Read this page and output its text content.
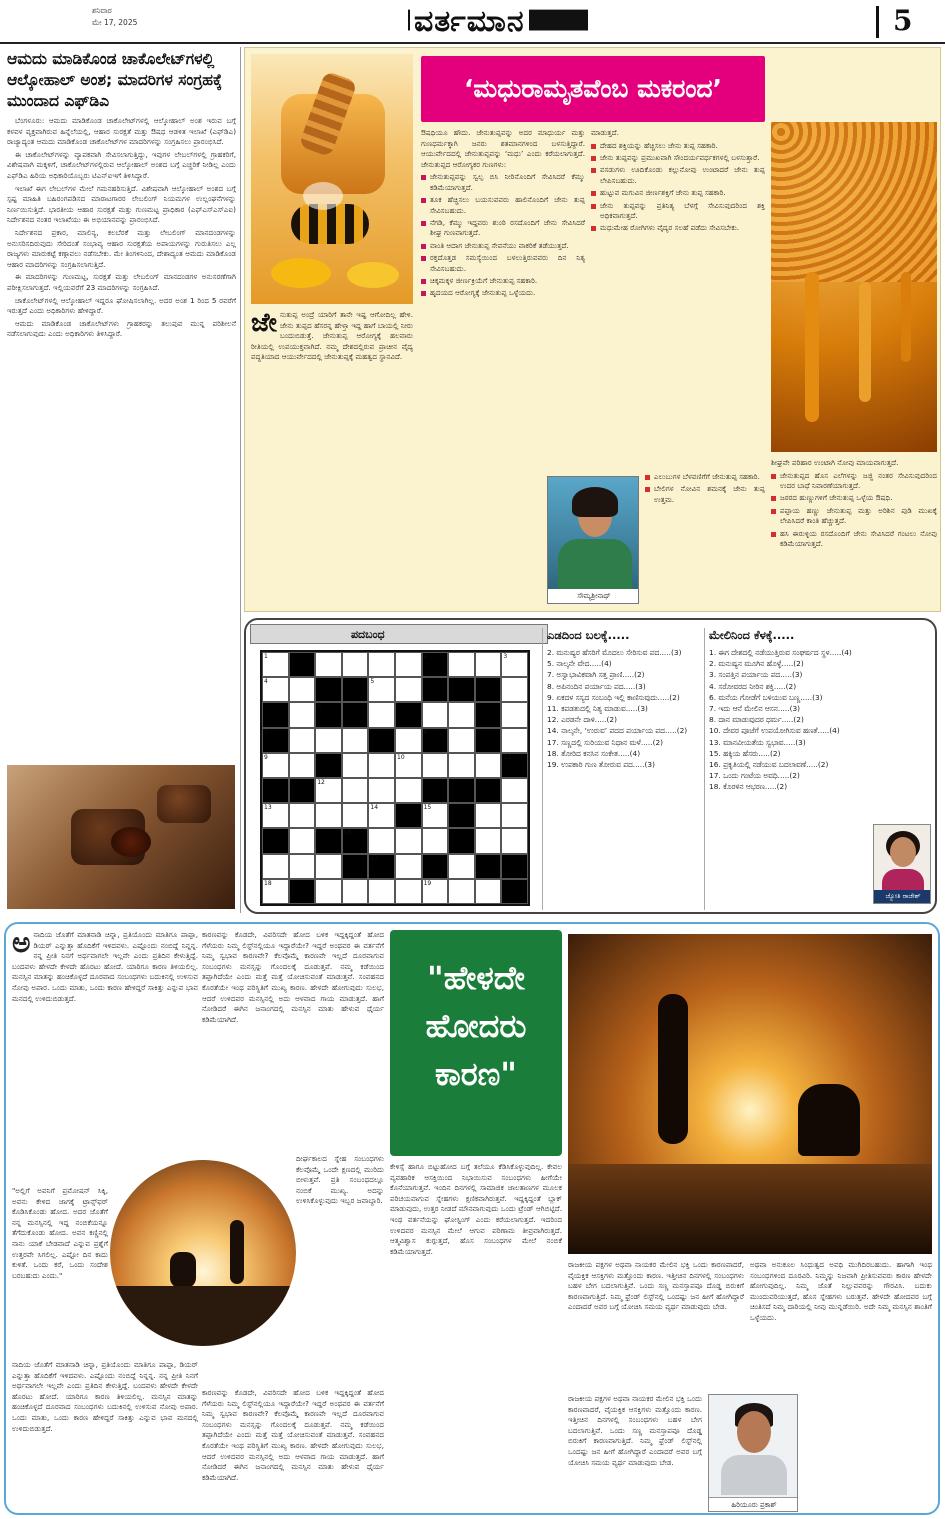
ಶನಿವಾರ
ಮೇ 17, 2025	ವರ್ತಮಾನ	5
ಆಮದು ಮಾಡಿಕೊಂಡ ಚಾಕೊಲೇಟ್‌ಗಳಲ್ಲಿ ಆಲ್ಕೋಹಾಲ್ ಅಂಶ; ಮಾದರಿಗಳ ಸಂಗ್ರಹಕ್ಕೆ ಮುಂದಾದ ಎಫ್‌ಡಿಎ

ಬೆಂಗಳೂರು: ಆಮದು ಮಾಡಿಕೊಂಡ ಚಾಕೊಲೇಟ್‌ಗಳಲ್ಲಿ ಆಲ್ಕೋಹಾಲ್ ಅಂಶ ಇರುವ ಬಗ್ಗೆ ಕಳವಳ ವ್ಯಕ್ತವಾಗಿರುವ ಹಿನ್ನೆಲೆಯಲ್ಲಿ, ಆಹಾರ ಸುರಕ್ಷತೆ ಮತ್ತು ಔಷಧ ಆಡಳಿತ ಇಲಾಖೆ (ಎಫ್‌ಡಿಎ) ರಾಜ್ಯಾದ್ಯಂತ ಆಮದು ಮಾಡಿಕೊಂಡ ಚಾಕೊಲೇಟ್‌ಗಳ ಮಾದರಿಗಳನ್ನು ಸಂಗ್ರಹಿಸಲು ಪ್ರಾರಂಭಿಸಿದೆ.

ಈ ಚಾಕೊಲೇಟ್‌ಗಳನ್ನು ವ್ಯಾಪಕವಾಗಿ ಸೇವಿಸಲಾಗುತ್ತಿದ್ದು, ಇವುಗಳ ಲೇಬಲ್‌ಗಳಲ್ಲಿ ಗ್ರಾಹಕರಿಗೆ, ವಿಶೇಷವಾಗಿ ಮಕ್ಕಳಿಗೆ, ಚಾಕೊಲೇಟ್‌ಗಳಲ್ಲಿರುವ ಆಲ್ಕೋಹಾಲ್ ಅಂಶದ ಬಗ್ಗೆ ಎಚ್ಚರಿಕೆ ನೀಡಿಲ್ಲ ಎಂದು ಎಫ್‌ಡಿಎ ಹಿರಿಯ ಅಧಿಕಾರಿಯೊಬ್ಬರು ಟಿಎನ್‌ಐಇಗೆ ತಿಳಿಸಿದ್ದಾರೆ.

ಇಲಾಖೆ ಈಗ ಲೇಬಲ್‌ಗಳ ಮೇಲೆ ಗಮನಹರಿಸುತ್ತಿದೆ. ವಿಶೇಷವಾಗಿ ಆಲ್ಕೋಹಾಲ್ ಅಂಶದ ಬಗ್ಗೆ ಸ್ಪಷ್ಟ ಮಾಹಿತಿ ಬಹಿರಂಗಪಡಿಸದ ಮಾರಾಟಗಾರರ ಲೇಬಲಿಂಗ್ ನಿಯಮಗಳ ಉಲ್ಲಂಘನೆಗಳನ್ನು ನಿರ್ಣಯಿಸುತ್ತಿದೆ. ಭಾರತೀಯ ಆಹಾರ ಸುರಕ್ಷತೆ ಮತ್ತು ಗುಣಮಟ್ಟ ಪ್ರಾಧಿಕಾರ (ಎಫ್‌ಎಸ್‌ಎಸ್‌ಎಐ) ನಿರ್ದೇಶನದ ನಂತರ ಇಲಾಖೆಯು ಈ ಅಭಿಯಾನವನ್ನು ಪ್ರಾರಂಭಿಸಿದೆ.

ನಿರ್ದೇಶನದ ಪ್ರಕಾರ, ಮಾಲಿನ್ಯ, ಕಲಬೆರಕೆ ಮತ್ತು ಲೇಬಲಿಂಗ್ ಮಾನದಂಡಗಳನ್ನು ಅನುಸರಿಸದಿರುವುದು ಸೇರಿದಂತೆ ಸಂಭಾವ್ಯ ಆಹಾರ ಸುರಕ್ಷತೆಯ ಅಪಾಯಗಳನ್ನು ಗುರುತಿಸಲು ಎಲ್ಲ ರಾಜ್ಯಗಳು ಮಾರುಕಟ್ಟೆ ಕಣ್ಗಾವಲು ನಡೆಸಬೇಕು. ಮೇ ತಿಂಗಳಿನಿಂದ, ದೇಶಾದ್ಯಂತ ಆಮದು ಮಾಡಿಕೊಂಡ ಆಹಾರ ಮಾದರಿಗಳನ್ನು ಸಂಗ್ರಹಿಸಲಾಗುತ್ತಿದೆ.

ಈ ಮಾದರಿಗಳನ್ನು ಗುಣಮಟ್ಟ, ಸುರಕ್ಷತೆ ಮತ್ತು ಲೇಬಲಿಂಗ್ ಮಾನದಂಡಗಳ ಅನುಸರಣೆಗಾಗಿ ಪರೀಕ್ಷಿಸಲಾಗುತ್ತದೆ. ಇಲ್ಲಿಯವರೆಗೆ 23 ಮಾದರಿಗಳನ್ನು ಸಂಗ್ರಹಿಸಿದೆ.

ಚಾಕೊಲೇಟ್‌ಗಳಲ್ಲಿ ಆಲ್ಕೋಹಾಲ್ ಇದ್ದರೂ ಘೋಷಿಸಲಾಗಿಲ್ಲ. ಅದರ ಅಂಶ 1 ರಿಂದ 5 ರವರೆಗೆ ಇರುತ್ತದೆ ಎಂದು ಅಧಿಕಾರಿಗಳು ಹೇಳಿದ್ದಾರೆ.

ಆಮದು ಮಾಡಿಕೊಂಡ ಚಾಕೊಲೇಟ್‌ಗಳು ಗ್ರಾಹಕರನ್ನು ತಲುಪುವ ಮುನ್ನ ಪರಿಶೀಲನೆ ನಡೆಸಲಾಗುವುದು ಎಂದು ಅಧಿಕಾರಿಗಳು ತಿಳಿಸಿದ್ದಾರೆ.

‘ಮಧುರಾಮೃತವೆಂಬ ಮಕರಂದ’
ಜೇ ನುತುಪ್ಪ ಅಂದ್ರೆ ಯಾರಿಗೆ ತಾನೇ ಇಷ್ಟ ಆಗೋದಿಲ್ಲ ಹೇಳಿ. ಜೇನು ತುಪ್ಪದ ಹೆಸರನ್ನ ಹೇಳ್ತಾ ಇದ್ದ ಹಾಗೆ ಬಾಯಲ್ಲಿ ನೀರು ಬಂದುಬಿಡುತ್ತೆ. ಜೇನುತುಪ್ಪ ಆರೋಗ್ಯಕ್ಕೆ ಹಲವಾರು ರೀತಿಯಲ್ಲಿ ಉಪಯುಕ್ತವಾಗಿದೆ. ನಮ್ಮ ದೇಶದಲ್ಲಿರುವ ಪ್ರಾಚೀನ ವೈದ್ಯ ಪದ್ಧತಿಯಾದ ಆಯುರ್ವೇದದಲ್ಲಿ ಜೇನುತುಪ್ಪಕ್ಕೆ ಮಹತ್ವದ ಸ್ಥಾನವಿದೆ.

ಔಷಧಿಯೂ ಹೌದು. ಜೇನುತುಪ್ಪವನ್ನು ಅದರ ಮಾಧುರ್ಯ ಮತ್ತು ಗುಣಧರ್ಮಕ್ಕಾಗಿ ಜನರು ಶತಮಾನಗಳಿಂದ ಬಳಸುತ್ತಿದ್ದಾರೆ. ಆಯುರ್ವೇದದಲ್ಲಿ ಜೇನುತುಪ್ಪವನ್ನು ‘ಮಧು’ ಎಂದು ಕರೆಯಲಾಗುತ್ತದೆ. ಜೇನುತುಪ್ಪದ ಆರೋಗ್ಯಕರ ಗುಣಗಳು:

ಜೇನುತುಪ್ಪವನ್ನು ಸ್ವಲ್ಪ ಬಿಸಿ ನೀರಿನೊಂದಿಗೆ ಸೇವಿಸಿದರೆ ಕೆಮ್ಮು ಕಡಿಮೆಯಾಗುತ್ತದೆ.
ತೂಕ ಹೆಚ್ಚಿಸಲು ಬಯಸುವವರು ಹಾಲಿನೊಂದಿಗೆ ಜೇನು ತುಪ್ಪ ಸೇವಿಸಬಹುದು.
ನೆಗಡಿ, ಕೆಮ್ಮು ಇದ್ದವರು ಶುಂಠಿ ರಸದೊಂದಿಗೆ ಜೇನು ಸೇವಿಸಿದರೆ ಶೀಘ್ರ ಗುಣವಾಗುತ್ತದೆ.
ವಾಂತಿ ಆದಾಗ ಜೇನುತುಪ್ಪ ಸೇವನೆಯು ವಾಕರಿಕೆ ತಡೆಯುತ್ತದೆ.
ರಕ್ತದೊತ್ತಡ ಸಮಸ್ಯೆಯಿಂದ ಬಳಲುತ್ತಿರುವವರು ದಿನ ನಿತ್ಯ ಸೇವಿಸಬಹುದು.
ಚಿಕ್ಕಮಕ್ಕಳ ಜೀರ್ಣಕ್ರಿಯೆಗೆ ಜೇನುತುಪ್ಪ ಸಹಕಾರಿ.
ಹೃದಯದ ಆರೋಗ್ಯಕ್ಕೆ ಜೇನುತುಪ್ಪ ಒಳ್ಳೆಯದು.

ಮಾಡುತ್ತದೆ.

ದೇಹದ ಶಕ್ತಿಯನ್ನು ಹೆಚ್ಚಿಸಲು ಜೇನು ತುಪ್ಪ ಸಹಕಾರಿ.
ಜೇನು ತುಪ್ಪವನ್ನು ಪ್ರಮುಖವಾಗಿ ಸೌಂದರ್ಯವರ್ಧಕಗಳಲ್ಲಿ ಬಳಸುತ್ತಾರೆ.
ವಸಡುಗಳು ಊದಿಕೊಂಡು ಕಲ್ಲುನೋವು ಉಂಟಾದರೆ ಜೇನು ತುಪ್ಪ ಲೇಪಿಸಬಹುದು.
ಹುಟ್ಟುವ ಮಗುವಿನ ಜೀರ್ಣಶಕ್ತಿಗೆ ಜೇನು ತುಪ್ಪ ಸಹಕಾರಿ.
ಜೇನು ತುಪ್ಪವನ್ನು ಪ್ರತಿನಿತ್ಯ ಬೆಳಗ್ಗೆ ಸೇವಿಸುವುದರಿಂದ ಶಕ್ತಿ ಅಧಿಕವಾಗುತ್ತದೆ.
ಮಧುಮೇಹ ರೋಗಿಗಳು ವೈದ್ಯರ ಸಲಹೆ ಪಡೆದು ಸೇವಿಸಬೇಕು.
ಎಲುಬುಗಳ ಬೆಳವಣಿಗೆಗೆ ಜೇನುತುಪ್ಪ ಸಹಕಾರಿ.
ಬೇಲಿಗಳ ನೋವಿನ ಶಮನಕ್ಕೆ ಜೇನು ತುಪ್ಪ ಉತ್ತಮ.
ಸೌಮ್ಯಶ್ರೀನಾಥ್

ಶೀಘ್ರವೇ ಪರಿಹಾರ ಉಂಟಾಗಿ ನೋವು ಮಾಯವಾಗುತ್ತದೆ.

ಜೇನುತುಪ್ಪದ ಹೊಸ ಎಲೆಗಳನ್ನು ಜಜ್ಜಿ ನಂತರ ಸೇವಿಸುವುದರಿಂದ ಉದರ ಬಾಧೆ ನಿವಾರಣೆಯಾಗುತ್ತದೆ.
ಜಠರದ ಹುಣ್ಣುಗಳಿಗೆ ಜೇನುತುಪ್ಪ ಒಳ್ಳೆಯ ಔಷಧಿ.
ಪಪ್ಪಾಯ ಹಣ್ಣು ಜೇನುತುಪ್ಪ ಮತ್ತು ಅರಿಶಿನ ಪುಡಿ ಮುಖಕ್ಕೆ ಲೇಪಿಸಿದರೆ ಕಾಂತಿ ಹೆಚ್ಚುತ್ತದೆ.
ಹಸಿ ಈರುಳ್ಳಿಯ ರಸದೊಂದಿಗೆ ಜೇನು ಸೇವಿಸಿದರೆ ಗಂಟಲು ನೋವು ಕಡಿಮೆಯಾಗುತ್ತದೆ.
ಪದಬಂಧ
1	2	3
4	5
6
7	8
9	10	11
12
13	14	15
16
17
18	19
ಎಡದಿಂದ ಬಲಕ್ಕೆ.....
2. ಮನುಷ್ಯರ ಹೆಸರಿಗೆ ಮೊದಲು ಸೇರಿಸುವ ಪದ.....(3)
5. ನಾಲ್ಕನೇ ವೇದ.....(4)
7. ಅಸ್ವಾಭಾವಿಕವಾಗಿ ಸತ್ತ ಪ್ರಾಣಿ.....(2)
8. ಅಪಿನಂದಿನ ಪರ್ಯಾಯ ಪದ.....(3)
9. ಏಕದಳ ಸಸ್ಯದ ಸಂಬಂಧಿ ಇಲ್ಲಿ ಕಾಣಿಸುವುದು.....(2)
11. ಕಪಡತುದಲ್ಲಿ ನಿತ್ಯ ಮಾಡುವ.....(3)
12. ಎರಡನೇ ದಾಳಿ.....(2)
14. ನಾಲ್ಕನೇ, ‘ಉರುವ’ ಪದದ ಪರ್ಯಾಯ ಪದ.....(2)
17. ಸಣ್ಣದಲ್ಲಿ ಸುರಿಯುವ ನಿಧಾನ ಮಳೆ.....(2)
18. ತೋರಿದ ಕನಸಿನ ಸಂಕೇತ.....(4)
19. ಉಪಕಾರಿ ಗುಣ ತೋರುವ ಪದ.....(3)
ಮೇಲಿನಿಂದ ಕೆಳಕ್ಕೆ.....
1. ಈಗ ದೇಶದಲ್ಲಿ ನಡೆಯುತ್ತಿರುವ ಸಂಘರ್ಷದ ಸ್ಥಳ.....(4)
2. ಮನುಷ್ಯನ ಮೂಗಿನ ಹೊಳ್ಳೆ.....(2)
3. ಸಂಪತ್ತಿನ ಪರ್ಯಾಯ ಪದ.....(3)
4. ಸರೋವರದ ನೀರಿನ ಶಕ್ತಿ.....(2)
6. ಮನೆಯ ಗೋಡೆಗೆ ಬಳಿಯುವ ಬಣ್ಣ.....(3)
7. ಇದು ಆನೆ ಮೇಲಿನ ಆಸನ.....(3)
8. ದಾನ ಮಾಡುವುದರ ಧರ್ಮ.....(2)
10. ದೇವರ ಪೂಜೆಗೆ ಉಪಯೋಗಿಸುವ ಹಣತೆ.....(4)
13. ಮಾನವೀಯತೆಯ ಸ್ವಭಾವ.....(3)
15. ಹಕ್ಕಿಯ ಹೆಸರು.....(2)
16. ಪ್ರಕೃತಿಯಲ್ಲಿ ನಡೆಯುವ ಬದಲಾವಣೆ.....(2)
17. ಒಂದು ಗಂಟೆಯ ಅವಧಿ.....(2)
18. ಕೊರಳಿನ ಆಭರಣ.....(2)
ಜ್ಯೋತಿ ರಾಜೇಶ್
ಅ ನಾದಿಯ ಜೊತೆಗೆ ಮಾತನಾಡಿ ಚಿನ್ನಾ, ಪ್ರತಿಯೊಂದು ಮಾತಿಗೂ ಪಾಪ್ಪಾ, ಡಿಯರ್ ಎನ್ನುತ್ತಾ ಹೊದಿಕೆಗೆ ಇಳಿದವಳು. ಎಷ್ಟೊಂದು ನಂಬಿದ್ದೆ ನಿನ್ನನ್ನ. ನನ್ನ ಪ್ರೀತಿ ನಿನಗೆ ಅರ್ಥವಾಗಲೇ ಇಲ್ಲವೇ ಎಂದು ಪ್ರತಿದಿನ ಕೇಳುತ್ತಿದ್ದೆ. ಬಂದವಳು ಹೇಳದೇ ಕೇಳದೇ ಹೊರಟು ಹೋದೆ. ಯಾರಿಗೂ ಕಾರಣ ತಿಳಿಯಲಿಲ್ಲ. ಮನಸ್ಸಿನ ಮಾತನ್ನು ಹಂಚಿಕೊಳ್ಳದೆ ದೂರವಾದ ಸಂಬಂಧಗಳು ಬದುಕಿನಲ್ಲಿ ಉಳಿಸುವ ನೋವು ಅಪಾರ. ಒಂದು ಮಾತು, ಒಂದು ಕಾರಣ ಹೇಳಿದ್ದರೆ ಸಾಕಿತ್ತು ಎನ್ನುವ ಭಾವ ಮನದಲ್ಲಿ ಉಳಿದುಬಿಡುತ್ತದೆ.

"ಅಲ್ಲಿಗೆ ಅವನಿಗೆ ಪ್ರಮೋಷನ್ ಸಿಕ್ಕಿ, ಅವನು ಕೇಳಿದ ಜಾಗಕ್ಕೆ ಟ್ರಾನ್ಸ್‌ಫರ್ ಕೊಡಿಸಿಕೊಂಡು ಹೋದ. ಅದರ ಜೊತೆಗೆ ನನ್ನ ಮನಸ್ಸಿನಲ್ಲಿ ಇದ್ದ ನಂಬಿಕೆಯನ್ನೂ ತೆಗೆದುಕೊಂಡು ಹೋದ. ಅವನ ಕಣ್ಣಿನಲ್ಲಿ ನಾನು ಯಾಕೆ ಬೇಡವಾದೆ ಎನ್ನುವ ಪ್ರಶ್ನೆಗೆ ಉತ್ತರವೇ ಸಿಗಲಿಲ್ಲ. ಎಷ್ಟೋ ದಿನ ಕಾದು ಕುಳಿತೆ. ಒಂದು ಕರೆ, ಒಂದು ಸಂದೇಶ ಬರಬಹುದು ಎಂದು."

ನಾದಿಯ ಜೊತೆಗೆ ಮಾತನಾಡಿ ಚಿನ್ನಾ, ಪ್ರತಿಯೊಂದು ಮಾತಿಗೂ ಪಾಪ್ಪಾ, ಡಿಯರ್ ಎನ್ನುತ್ತಾ ಹೊದಿಕೆಗೆ ಇಳಿದವಳು. ಎಷ್ಟೊಂದು ನಂಬಿದ್ದೆ ನಿನ್ನನ್ನ. ನನ್ನ ಪ್ರೀತಿ ನಿನಗೆ ಅರ್ಥವಾಗಲೇ ಇಲ್ಲವೇ ಎಂದು ಪ್ರತಿದಿನ ಕೇಳುತ್ತಿದ್ದೆ. ಬಂದವಳು ಹೇಳದೇ ಕೇಳದೇ ಹೊರಟು ಹೋದೆ. ಯಾರಿಗೂ ಕಾರಣ ತಿಳಿಯಲಿಲ್ಲ. ಮನಸ್ಸಿನ ಮಾತನ್ನು ಹಂಚಿಕೊಳ್ಳದೆ ದೂರವಾದ ಸಂಬಂಧಗಳು ಬದುಕಿನಲ್ಲಿ ಉಳಿಸುವ ನೋವು ಅಪಾರ. ಒಂದು ಮಾತು, ಒಂದು ಕಾರಣ ಹೇಳಿದ್ದರೆ ಸಾಕಿತ್ತು ಎನ್ನುವ ಭಾವ ಮನದಲ್ಲಿ ಉಳಿದುಬಿಡುತ್ತದೆ.

ಕಾರಣವನ್ನು ಕೊಡದೇ, ವಿವರಿಸದೇ ಹೋದ ಬಳಿಕ ಇದ್ದಕ್ಕಿದ್ದಂತೆ ಹೋದ ಗೆಳೆಯರು ನಿಮ್ಮ ಲಿಸ್ಟ್‌ನಲ್ಲಿಯೂ ಇದ್ದಾರೆಯೇ? ಇದ್ದರೆ ಅಂಥವರ ಈ ವರ್ತನೆಗೆ ನಿಮ್ಮ ಸ್ವಭಾವ ಕಾರಣವೇ? ಕೆಲವೊಮ್ಮೆ ಕಾರಣವೇ ಇಲ್ಲದೆ ದೂರವಾಗುವ ಸಂಬಂಧಗಳು ಮನಸ್ಸನ್ನು ಗೊಂದಲಕ್ಕೆ ದೂಡುತ್ತವೆ. ನಮ್ಮ ಕಡೆಯಿಂದ ತಪ್ಪಾಗಿದೆಯೇ ಎಂದು ಮತ್ತೆ ಮತ್ತೆ ಯೋಚಿಸುವಂತೆ ಮಾಡುತ್ತವೆ. ಸಂವಹನದ ಕೊರತೆಯೇ ಇಂಥ ಪರಿಸ್ಥಿತಿಗೆ ಮುಖ್ಯ ಕಾರಣ. ಹೇಳದೇ ಹೋಗುವುದು ಸುಲಭ, ಆದರೆ ಉಳಿದವರ ಮನಸ್ಸಿನಲ್ಲಿ ಅದು ಆಳವಾದ ಗಾಯ ಮಾಡುತ್ತದೆ. ಹಾಗೆ ನೋಡಿದರೆ ಈಗಿನ ಜನಾಂಗದಲ್ಲಿ ಮನಸ್ಸಿನ ಮಾತು ಹೇಳುವ ಧೈರ್ಯ ಕಡಿಮೆಯಾಗಿದೆ.

ದೀರ್ಘಕಾಲದ ಸ್ನೇಹ ಸಂಬಂಧಗಳು ಕೆಲವೊಮ್ಮೆ ಒಂದೇ ಕ್ಷಣದಲ್ಲಿ ಮುರಿದು ಬೀಳುತ್ತವೆ. ಪ್ರತಿ ಸಂಬಂಧದಲ್ಲೂ ನಂಬಿಕೆ ಮುಖ್ಯ. ಅದನ್ನು ಉಳಿಸಿಕೊಳ್ಳುವುದು ಇಬ್ಬರ ಜವಾಬ್ದಾರಿ.

ಕಾರಣವನ್ನು ಕೊಡದೇ, ವಿವರಿಸದೇ ಹೋದ ಬಳಿಕ ಇದ್ದಕ್ಕಿದ್ದಂತೆ ಹೋದ ಗೆಳೆಯರು ನಿಮ್ಮ ಲಿಸ್ಟ್‌ನಲ್ಲಿಯೂ ಇದ್ದಾರೆಯೇ? ಇದ್ದರೆ ಅಂಥವರ ಈ ವರ್ತನೆಗೆ ನಿಮ್ಮ ಸ್ವಭಾವ ಕಾರಣವೇ? ಕೆಲವೊಮ್ಮೆ ಕಾರಣವೇ ಇಲ್ಲದೆ ದೂರವಾಗುವ ಸಂಬಂಧಗಳು ಮನಸ್ಸನ್ನು ಗೊಂದಲಕ್ಕೆ ದೂಡುತ್ತವೆ. ನಮ್ಮ ಕಡೆಯಿಂದ ತಪ್ಪಾಗಿದೆಯೇ ಎಂದು ಮತ್ತೆ ಮತ್ತೆ ಯೋಚಿಸುವಂತೆ ಮಾಡುತ್ತವೆ. ಸಂವಹನದ ಕೊರತೆಯೇ ಇಂಥ ಪರಿಸ್ಥಿತಿಗೆ ಮುಖ್ಯ ಕಾರಣ. ಹೇಳದೇ ಹೋಗುವುದು ಸುಲಭ, ಆದರೆ ಉಳಿದವರ ಮನಸ್ಸಿನಲ್ಲಿ ಅದು ಆಳವಾದ ಗಾಯ ಮಾಡುತ್ತದೆ. ಹಾಗೆ ನೋಡಿದರೆ ಈಗಿನ ಜನಾಂಗದಲ್ಲಿ ಮನಸ್ಸಿನ ಮಾತು ಹೇಳುವ ಧೈರ್ಯ ಕಡಿಮೆಯಾಗಿದೆ.

"ಹೇಳದೇ
ಹೋದರು
ಕಾರಣ"

ಕೇಳಿಸ್ಸೆ ಹಾಗೂ ಬಿಟ್ಟುಹೋದ ಬಗ್ಗೆ ತಲೆಯೂ ಕೆಡಿಸಿಕೊಳ್ಳುವುದಿಲ್ಲ. ಕೇವಲ ವ್ಯವಹಾರಿಕ ಆಸಕ್ತಿಯಿಂದ ನಿಭಾಯಿಸುವ ಸಂಬಂಧಗಳು ಹೀಗೆಯೇ ಕೊನೆಯಾಗುತ್ತವೆ. ಇಂದಿನ ದಿನಗಳಲ್ಲಿ ಸಾಮಾಜಿಕ ಜಾಲತಾಣಗಳ ಮೂಲಕ ಪರಿಚಯವಾಗುವ ಸ್ನೇಹಗಳು ಕ್ಷಣಿಕವಾಗಿರುತ್ತವೆ. ಇದ್ದಕ್ಕಿದ್ದಂತೆ ಬ್ಲಾಕ್ ಮಾಡುವುದು, ಉತ್ತರ ನೀಡದೆ ಮೌನವಾಗುವುದು ಒಂದು ಟ್ರೆಂಡ್ ಆಗಿಬಿಟ್ಟಿದೆ. ಇಂಥ ವರ್ತನೆಯನ್ನು ಘೋಸ್ಟಿಂಗ್ ಎಂದು ಕರೆಯಲಾಗುತ್ತದೆ. ಇದರಿಂದ ಉಳಿದವರ ಮನಸ್ಸಿನ ಮೇಲೆ ಆಗುವ ಪರಿಣಾಮ ತೀವ್ರವಾಗಿರುತ್ತದೆ. ಆತ್ಮವಿಶ್ವಾಸ ಕುಗ್ಗುತ್ತದೆ, ಹೊಸ ಸಂಬಂಧಗಳ ಮೇಲೆ ನಂಬಿಕೆ ಕಡಿಮೆಯಾಗುತ್ತದೆ.

ರಾಜಕೀಯ ಪಕ್ಷಗಳ ಅಥವಾ ನಾಯಕರ ಮೇಲಿನ ಭಕ್ತಿ ಒಂದು ಕಾರಣವಾದರೆ, ವೈಯಕ್ತಿಕ ಆಸಕ್ತಿಗಳು ಮತ್ತೊಂದು ಕಾರಣ. ಇತ್ತೀಚಿನ ದಿನಗಳಲ್ಲಿ ಸಂಬಂಧಗಳು ಬಹಳ ಬೇಗ ಬದಲಾಗುತ್ತಿವೆ. ಒಂದು ಸಣ್ಣ ಮನಸ್ತಾಪವೂ ದೊಡ್ಡ ಬಿರುಕಿಗೆ ಕಾರಣವಾಗುತ್ತಿದೆ. ನಿಮ್ಮ ಫ್ರೆಂಡ್ ಲಿಸ್ಟ್‌ನಲ್ಲಿ ಒಂದಷ್ಟು ಜನ ಹೀಗೆ ಹೋಗಿದ್ದಾರೆ ಎಂದಾದರೆ ಅವರ ಬಗ್ಗೆ ಯೋಚಿಸಿ ಸಮಯ ವ್ಯರ್ಥ ಮಾಡುವುದು ಬೇಡ.

ಹಿರಿಯೂರು ಪ್ರಕಾಶ್

ರಾಜಕೀಯ ಪಕ್ಷಗಳ ಅಥವಾ ನಾಯಕರ ಮೇಲಿನ ಭಕ್ತಿ ಒಂದು ಕಾರಣವಾದರೆ, ವೈಯಕ್ತಿಕ ಆಸಕ್ತಿಗಳು ಮತ್ತೊಂದು ಕಾರಣ. ಇತ್ತೀಚಿನ ದಿನಗಳಲ್ಲಿ ಸಂಬಂಧಗಳು ಬಹಳ ಬೇಗ ಬದಲಾಗುತ್ತಿವೆ. ಒಂದು ಸಣ್ಣ ಮನಸ್ತಾಪವೂ ದೊಡ್ಡ ಬಿರುಕಿಗೆ ಕಾರಣವಾಗುತ್ತಿದೆ. ನಿಮ್ಮ ಫ್ರೆಂಡ್ ಲಿಸ್ಟ್‌ನಲ್ಲಿ ಒಂದಷ್ಟು ಜನ ಹೀಗೆ ಹೋಗಿದ್ದಾರೆ ಎಂದಾದರೆ ಅವರ ಬಗ್ಗೆ ಯೋಚಿಸಿ ಸಮಯ ವ್ಯರ್ಥ ಮಾಡುವುದು ಬೇಡ.

ಅಥವಾ ಅನುಕೂಲ ಸಿಂಧುತ್ವದ ಅವಧಿ ಮುಗಿದಿರಬಹುದು. ಹಾಗಾಗಿ ಇಂಥ ಸಂಬಂಧಗಳಿಂದ ದೂರವಿರಿ. ನಿಮ್ಮನ್ನು ನಿಜವಾಗಿ ಪ್ರೀತಿಸುವವರು ಕಾರಣ ಹೇಳದೇ ಹೋಗುವುದಿಲ್ಲ. ನಿಮ್ಮ ಜೊತೆ ನಿಲ್ಲುವವರನ್ನು ಗೌರವಿಸಿ. ಬದುಕು ಮುಂದುವರಿಯುತ್ತದೆ, ಹೊಸ ಸ್ನೇಹಗಳು ಬರುತ್ತವೆ. ಹೇಳದೇ ಹೋದವರ ಬಗ್ಗೆ ಚಿಂತಿಸದೆ ನಿಮ್ಮ ದಾರಿಯಲ್ಲಿ ನೀವು ಮುನ್ನಡೆಯಿರಿ. ಅದೇ ನಿಮ್ಮ ಮನಸ್ಸಿನ ಶಾಂತಿಗೆ ಒಳ್ಳೆಯದು.
